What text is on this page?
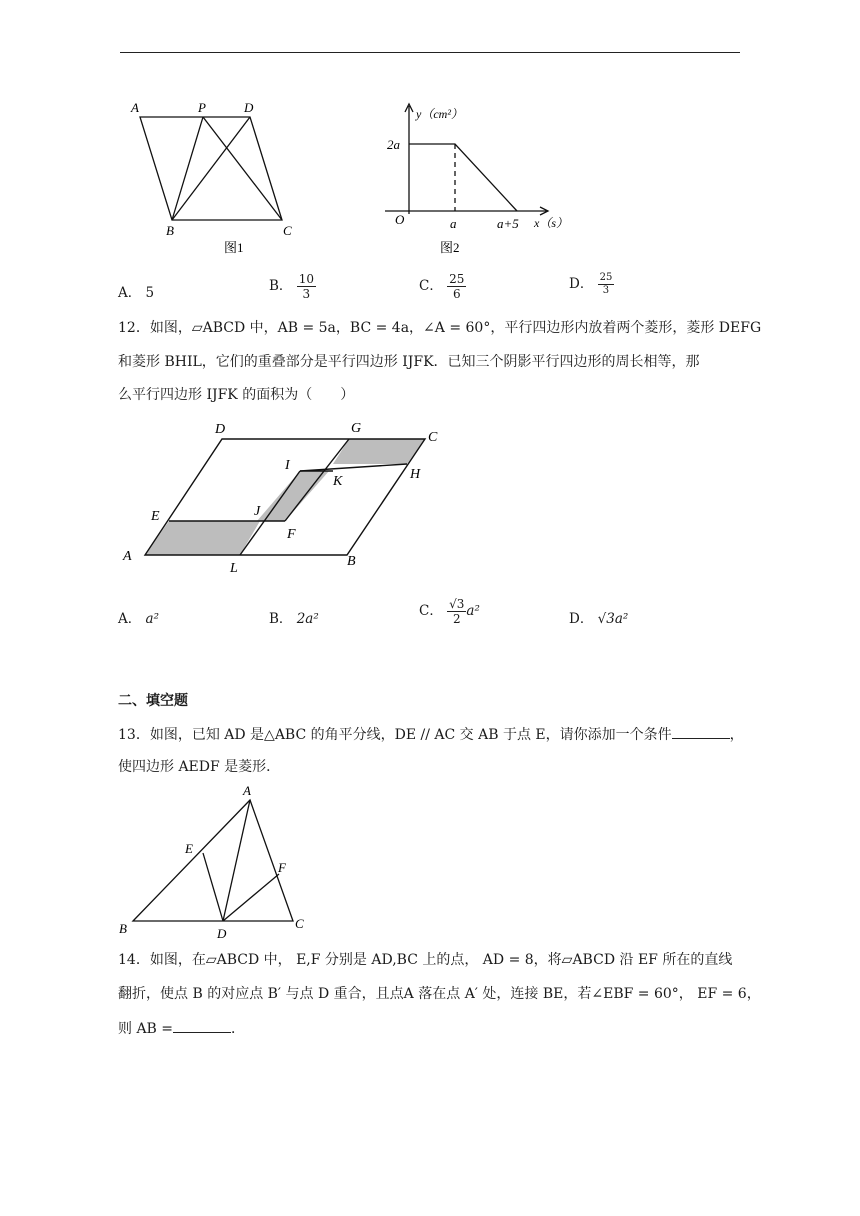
A	P	D
B	C
图1
y（cm²）
2a
O	a	a+5 x（s）
图2
A． 5	B． $\frac{10}{3}$	C． $\frac{25}{6}$	D． $\frac{25}{3}$
12．如图，▱ABCD 中，AB = 5a，BC = 4a，∠A = 60°，平行四边形内放着两个菱形，菱形 DEFG
和菱形 BHIL，它们的重叠部分是平行四边形 IJFK．已知三个阴影平行四边形的周长相等，那
么平行四边形 IJFK 的面积为（　　）
D	G
C
I
K	H
E	J
F
A
L	B
A． a²	B． 2a²	C． $\frac{√3}{2} a^2$	D． √3a²
二、填空题
13．如图，已知 AD 是△ABC 的角平分线，DE // AC 交 AB 于点 E，请你添加一个条件	，
使四边形 AEDF 是菱形．
A
E
F
B	D
C
14．如图，在▱ABCD 中， E,F 分别是 AD,BC 上的点， AD = 8，将▱ABCD 沿 EF 所在的直线
翻折，使点 B 的对应点 B′ 与点 D 重合，且点A 落在点 A′ 处，连接 BE，若∠EBF = 60°， EF = 6，
则 AB =	．
